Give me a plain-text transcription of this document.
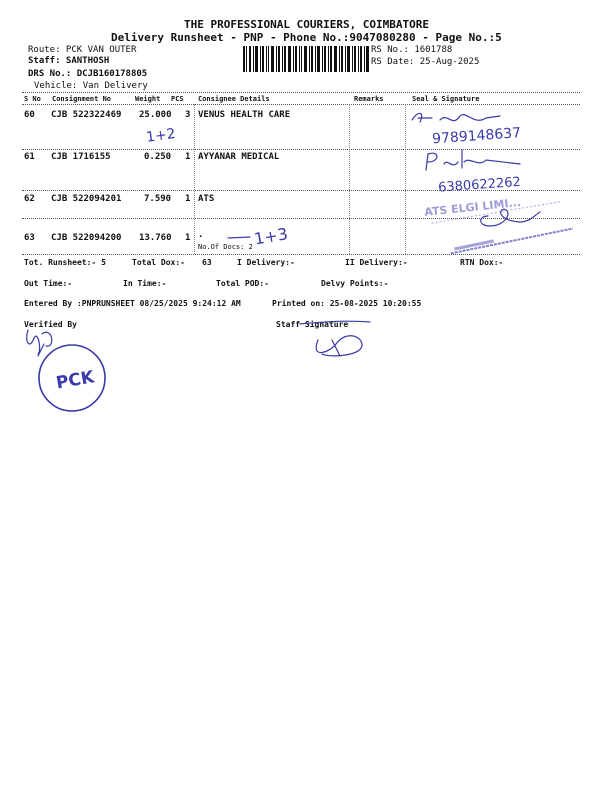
THE PROFESSIONAL COURIERS, COIMBATORE
Delivery Runsheet - PNP - Phone No.:9047080280 - Page No.:5
Route: PCK VAN OUTER
Staff: SANTHOSH
DRS No.: DCJB160178805
Vehicle: Van Delivery
RS No.: 1601788
RS Date: 25-Aug-2025
S No Consignment No	Weight PCS Consignee Details	Remarks	Seal & Signature
60 CJB 522322469 25.000 3 VENUS HEALTH CARE
61 CJB 1716155	0.250 1 AYYANAR MEDICAL
62 CJB 522094201	7.590 1 ATS
63 CJB 522094200 13.760 1 .
No.Of Docs: 2
Tot. Runsheet:- 5	Total Dox:- 63	I Delivery:-	II Delivery:-	RTN Dox:-
Out Time:-	In Time:-	Total POD:-	Delvy Points:-
Entered By :PNPRUNSHEET 08/25/2025 9:24:12 AM	Printed on: 25-08-2025 10:20:55
Verified By	Staff Signature
1+2	9789148637
6380622262
ATS ELGI LIMI...
1+3
PCK
